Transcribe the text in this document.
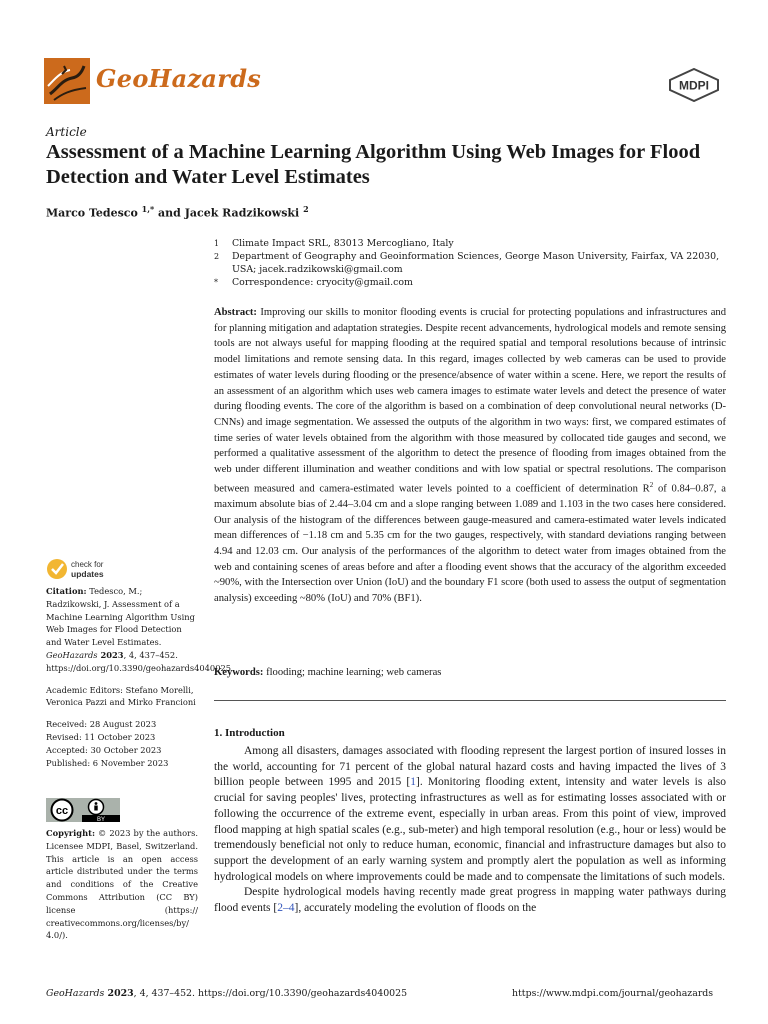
GeoHazards	MDPI
Article
Assessment of a Machine Learning Algorithm Using Web Images for Flood Detection and Water Level Estimates
Marco Tedesco $^{1,*}$ and Jacek Radzikowski $^2$
1	Climate Impact SRL, 83013 Mercogliano, Italy
2	Department of Geography and Geoinformation Sciences, George Mason University, Fairfax, VA 22030, USA; jacek.radzikowski@gmail.com
*	Correspondence: cryocity@gmail.com
Abstract: Improving our skills to monitor flooding events is crucial for protecting populations and infrastructures and for planning mitigation and adaptation strategies. Despite recent advancements, hydrological models and remote sensing tools are not always useful for mapping flooding at the required spatial and temporal resolutions because of intrinsic model limitations and remote sensing data. In this regard, images collected by web cameras can be used to provide estimates of water levels during flooding or the presence/absence of water within a scene. Here, we report the results of an assessment of an algorithm which uses web camera images to estimate water levels and detect the presence of water during flooding events. The core of the algorithm is based on a combination of deep convolutional neural networks (D-CNNs) and image segmentation. We assessed the outputs of the algorithm in two ways: first, we compared estimates of time series of water levels obtained from the algorithm with those measured by collocated tide gauges and second, we performed a qualitative assessment of the algorithm to detect the presence of flooding from images obtained from the web under different illumination and weather conditions and with low spatial or spectral resolutions. The comparison between measured and camera-estimated water levels pointed to a coefficient of determination $R^2$ of 0.84–0.87, a maximum absolute bias of 2.44–3.04 cm and a slope ranging between 1.089 and 1.103 in the two cases here considered. Our analysis of the histogram of the differences between gauge-measured and camera-estimated water levels indicated mean differences of −1.18 cm and 5.35 cm for the two gauges, respectively, with standard deviations ranging between 4.94 and 12.03 cm. Our analysis of the performances of the algorithm to detect water from images obtained from the web and containing scenes of areas before and after a flooding event shows that the accuracy of the algorithm exceeded ~90%, with the Intersection over Union (IoU) and the boundary F1 score (both used to assess the output of segmentation analysis) exceeding ~80% (IoU) and 70% (BF1).
Keywords: flooding; machine learning; web cameras
1. Introduction

Among all disasters, damages associated with flooding represent the largest portion of insured losses in the world, accounting for 71 percent of the global natural hazard costs and having impacted the lives of 3 billion people between 1995 and 2015 [1]. Monitoring flooding extent, intensity and water levels is also crucial for saving peoples' lives, protecting infrastructures as well as for estimating losses associated with or following the occurrence of the extreme event, especially in urban areas. From this point of view, improved flood mapping at high spatial scales (e.g., sub-meter) and high temporal resolution (e.g., hour or less) would be tremendously beneficial not only to reduce human, economic, financial and infrastructure damages but also to support the development of an early warning system and promptly alert the population as well as informing hydrological models on where improvements could be made and to compensate the limitations of such models.

Despite hydrological models having recently made great progress in mapping water pathways during flood events [2–4], accurately modeling the evolution of floods on the

check for
updates

Citation: Tedesco, M.; Radzikowski, J. Assessment of a Machine Learning Algorithm Using Web Images for Flood Detection and Water Level Estimates. GeoHazards 2023, 4, 437–452. https://doi.org/10.3390/geohazards4040025

Academic Editors: Stefano Morelli, Veronica Pazzi and Mirko Francioni

Received: 28 August 2023
Revised: 11 October 2023
Accepted: 30 October 2023
Published: 6 November 2023

cc
BY
Copyright: © 2023 by the authors. Licensee MDPI, Basel, Switzerland. This article is an open access article distributed under the terms and conditions of the Creative Commons Attribution (CC BY) license (https:// creativecommons.org/licenses/by/ 4.0/).
GeoHazards 2023, 4, 437–452. https://doi.org/10.3390/geohazards4040025	https://www.mdpi.com/journal/geohazards
